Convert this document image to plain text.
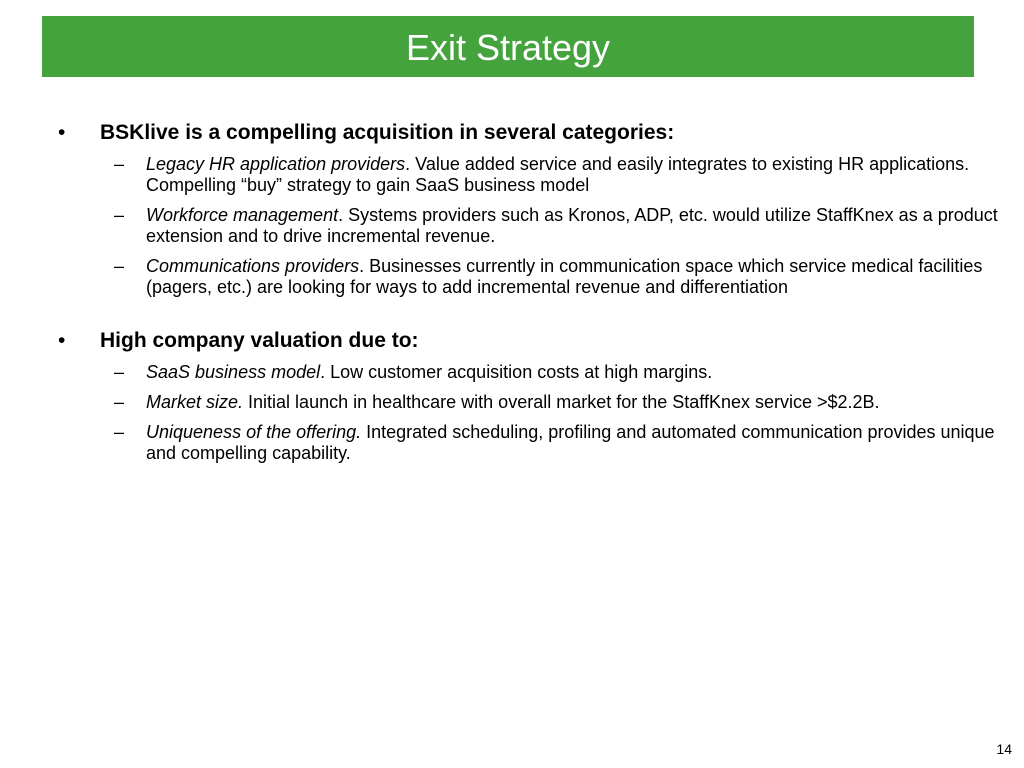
Exit Strategy
•	BSKlive is a compelling acquisition in several categories:
–	Legacy HR application providers. Value added service and easily integrates to existing HR applications. Compelling “buy” strategy to gain SaaS business model
–	Workforce management. Systems providers such as Kronos, ADP, etc. would utilize StaffKnex as a product extension and to drive incremental revenue.
–	Communications providers. Businesses currently in communication space which service medical facilities (pagers, etc.) are looking for ways to add incremental revenue and differentiation
•	High company valuation due to:
–	SaaS business model. Low customer acquisition costs at high margins.
–	Market size. Initial launch in healthcare with overall market for the StaffKnex service >$2.2B.
–	Uniqueness of the offering. Integrated scheduling, profiling and automated communication provides unique and compelling capability.
14
